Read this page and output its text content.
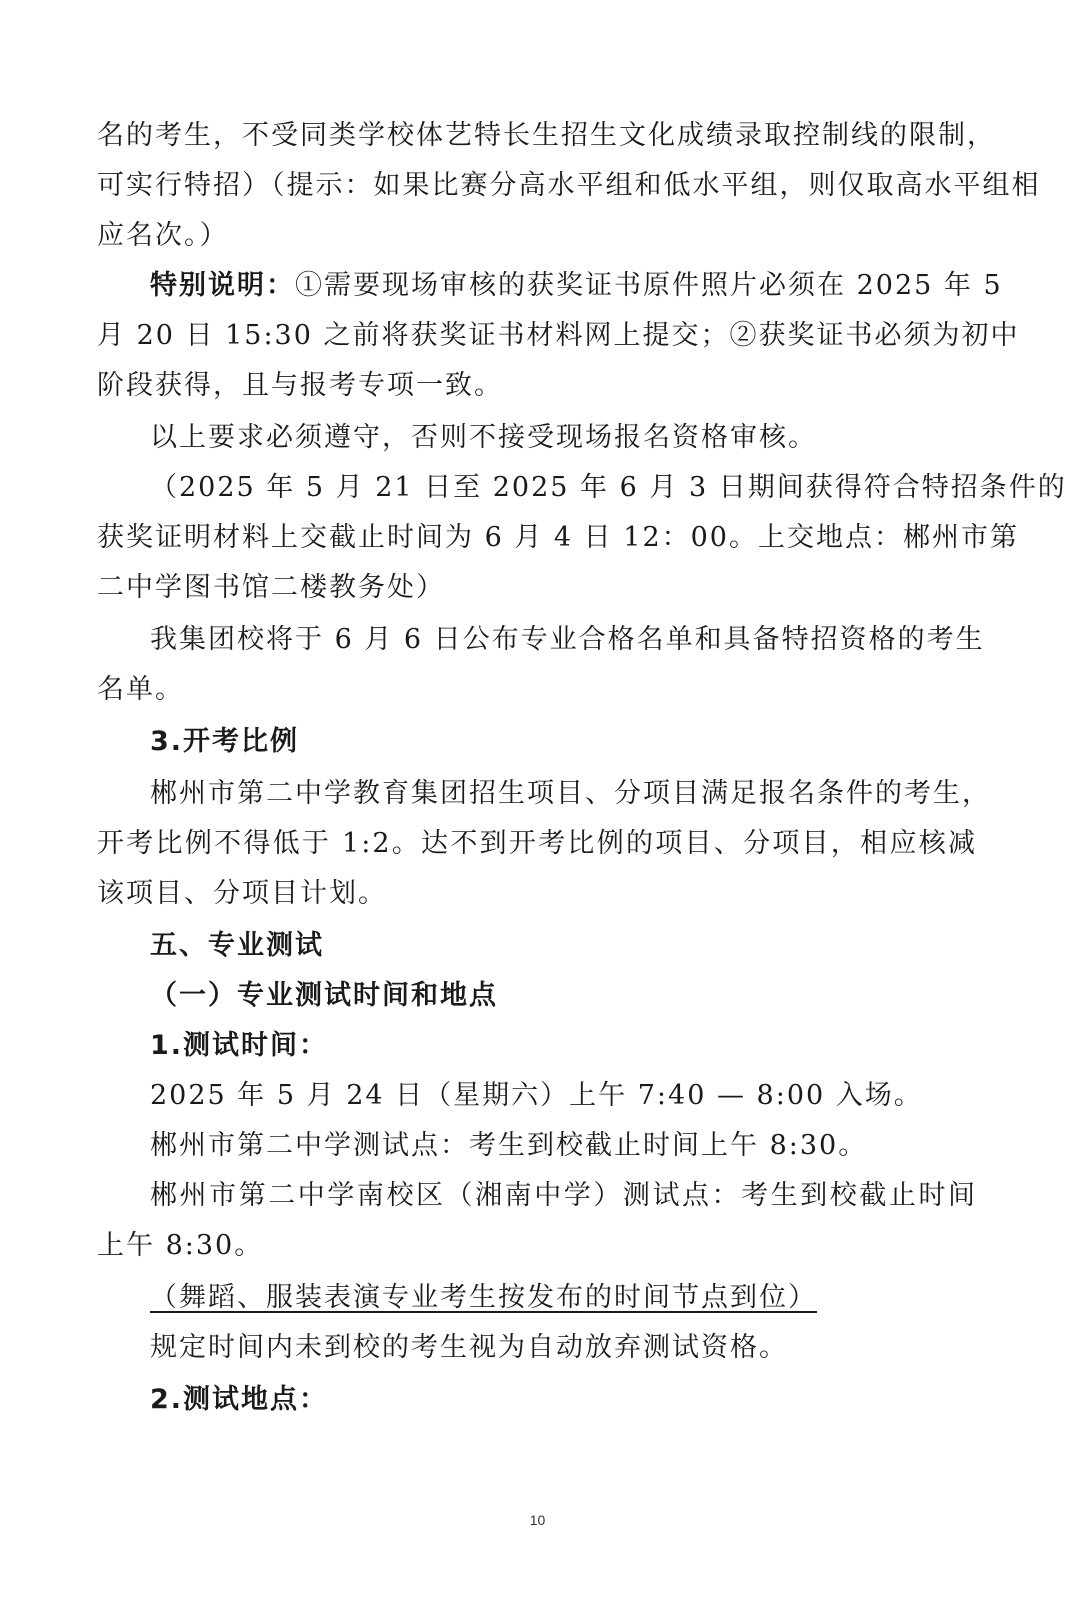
名的考生，不受同类学校体艺特长生招生文化成绩录取控制线的限制，
可实行特招）（提示：如果比赛分高水平组和低水平组，则仅取高水平组相
应名次。）
特别说明：①需要现场审核的获奖证书原件照片必须在 2025 年 5
月 20 日 15:30 之前将获奖证书材料网上提交；②获奖证书必须为初中
阶段获得，且与报考专项一致。
以上要求必须遵守，否则不接受现场报名资格审核。
（2025 年 5 月 21 日至 2025 年 6 月 3 日期间获得符合特招条件的
获奖证明材料上交截止时间为 6 月 4 日 12：00。上交地点：郴州市第
二中学图书馆二楼教务处）
我集团校将于 6 月 6 日公布专业合格名单和具备特招资格的考生
名单。
3.开考比例
郴州市第二中学教育集团招生项目、分项目满足报名条件的考生，
开考比例不得低于 1:2。达不到开考比例的项目、分项目，相应核减
该项目、分项目计划。
五、专业测试
（一）专业测试时间和地点
1.测试时间：
2025 年 5 月 24 日（星期六）上午 7:40 — 8:00 入场。
郴州市第二中学测试点：考生到校截止时间上午 8:30。
郴州市第二中学南校区（湘南中学）测试点：考生到校截止时间
上午 8:30。
（舞蹈、服装表演专业考生按发布的时间节点到位）
规定时间内未到校的考生视为自动放弃测试资格。
2.测试地点：
10
